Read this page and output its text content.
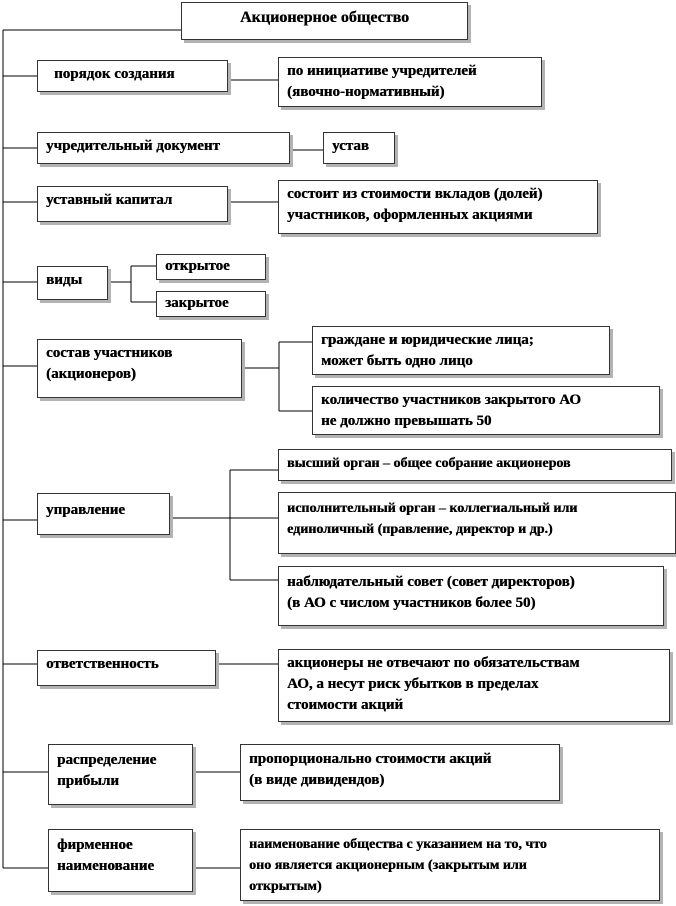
Акционерное общество
порядок создания	по инициативе учредителей
(явочно-нормативный)
учредительный документ	устав
уставный капитал	состоит из стоимости вкладов (долей)
участников, оформленных акциями
виды
открытое
закрытое
состав участников
(акционеров)
граждане и юридические лица;
может быть одно лицо
количество участников закрытого АО
не должно превышать 50
управление
высший орган – общее собрание акционеров
исполнительный орган – коллегиальный или
единоличный (правление, директор и др.)
наблюдательный совет (совет директоров)
(в АО с числом участников более 50)
ответственность	акционеры не отвечают по обязательствам
АО, а несут риск убытков в пределах
стоимости акций
распределение
прибыли
пропорционально стоимости акций
(в виде дивидендов)
фирменное
наименование
наименование общества с указанием на то, что
оно является акционерным (закрытым или
открытым)
